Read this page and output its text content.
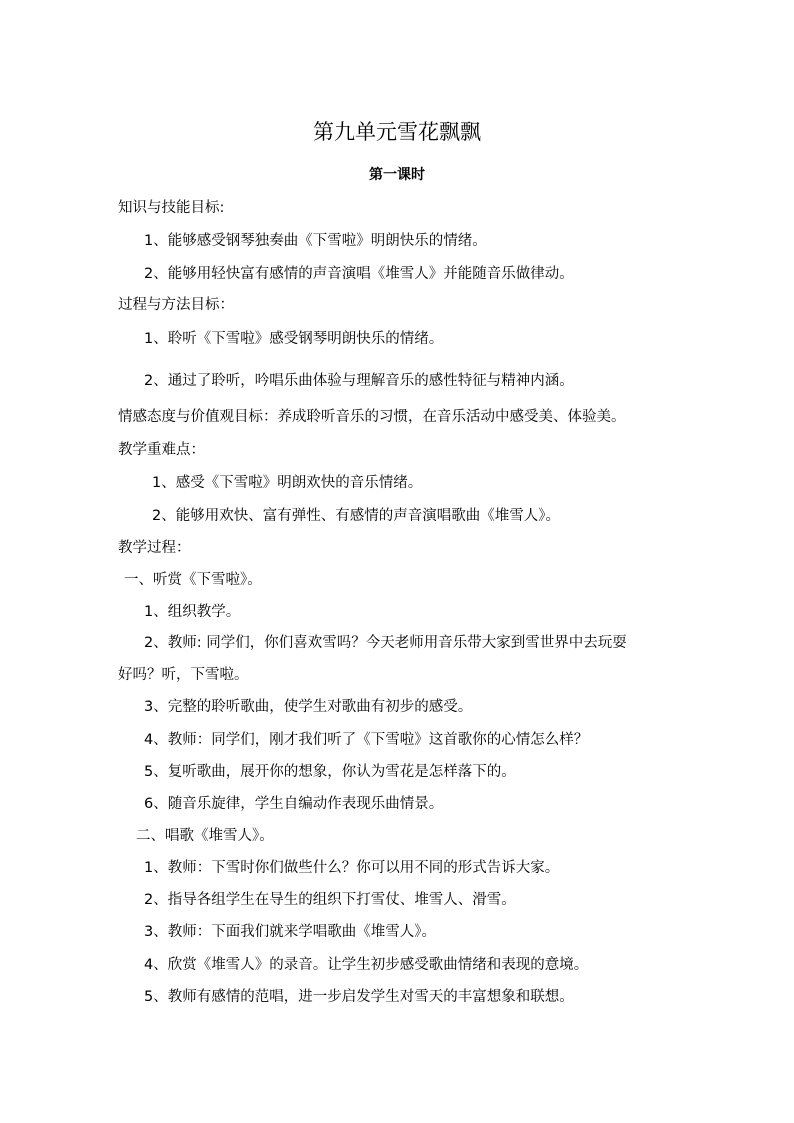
第九单元雪花飘飘
第一课时
知识与技能目标:
1、能够感受钢琴独奏曲《下雪啦》明朗快乐的情绪。
2、能够用轻快富有感情的声音演唱《堆雪人》并能随音乐做律动。
过程与方法目标：
1、聆听《下雪啦》感受钢琴明朗快乐的情绪。
2、通过了聆听，吟唱乐曲体验与理解音乐的感性特征与精神内涵。
情感态度与价值观目标：养成聆听音乐的习惯，在音乐活动中感受美、体验美。
教学重难点：
1、感受《下雪啦》明朗欢快的音乐情绪。
2、能够用欢快、富有弹性、有感情的声音演唱歌曲《堆雪人》。
教学过程：
一、听赏《下雪啦》。
1、组织教学。
2、教师: 同学们，你们喜欢雪吗？今天老师用音乐带大家到雪世界中去玩耍
好吗？听，下雪啦。
3、完整的聆听歌曲，使学生对歌曲有初步的感受。
4、教师：同学们，刚才我们听了《下雪啦》这首歌你的心情怎么样？
5、复听歌曲，展开你的想象，你认为雪花是怎样落下的。
6、随音乐旋律，学生自编动作表现乐曲情景。
二、唱歌《堆雪人》。
1、教师：下雪时你们做些什么？你可以用不同的形式告诉大家。
2、指导各组学生在导生的组织下打雪仗、堆雪人、滑雪。
3、教师：下面我们就来学唱歌曲《堆雪人》。
4、欣赏《堆雪人》的录音。让学生初步感受歌曲情绪和表现的意境。
5、教师有感情的范唱，进一步启发学生对雪天的丰富想象和联想。
